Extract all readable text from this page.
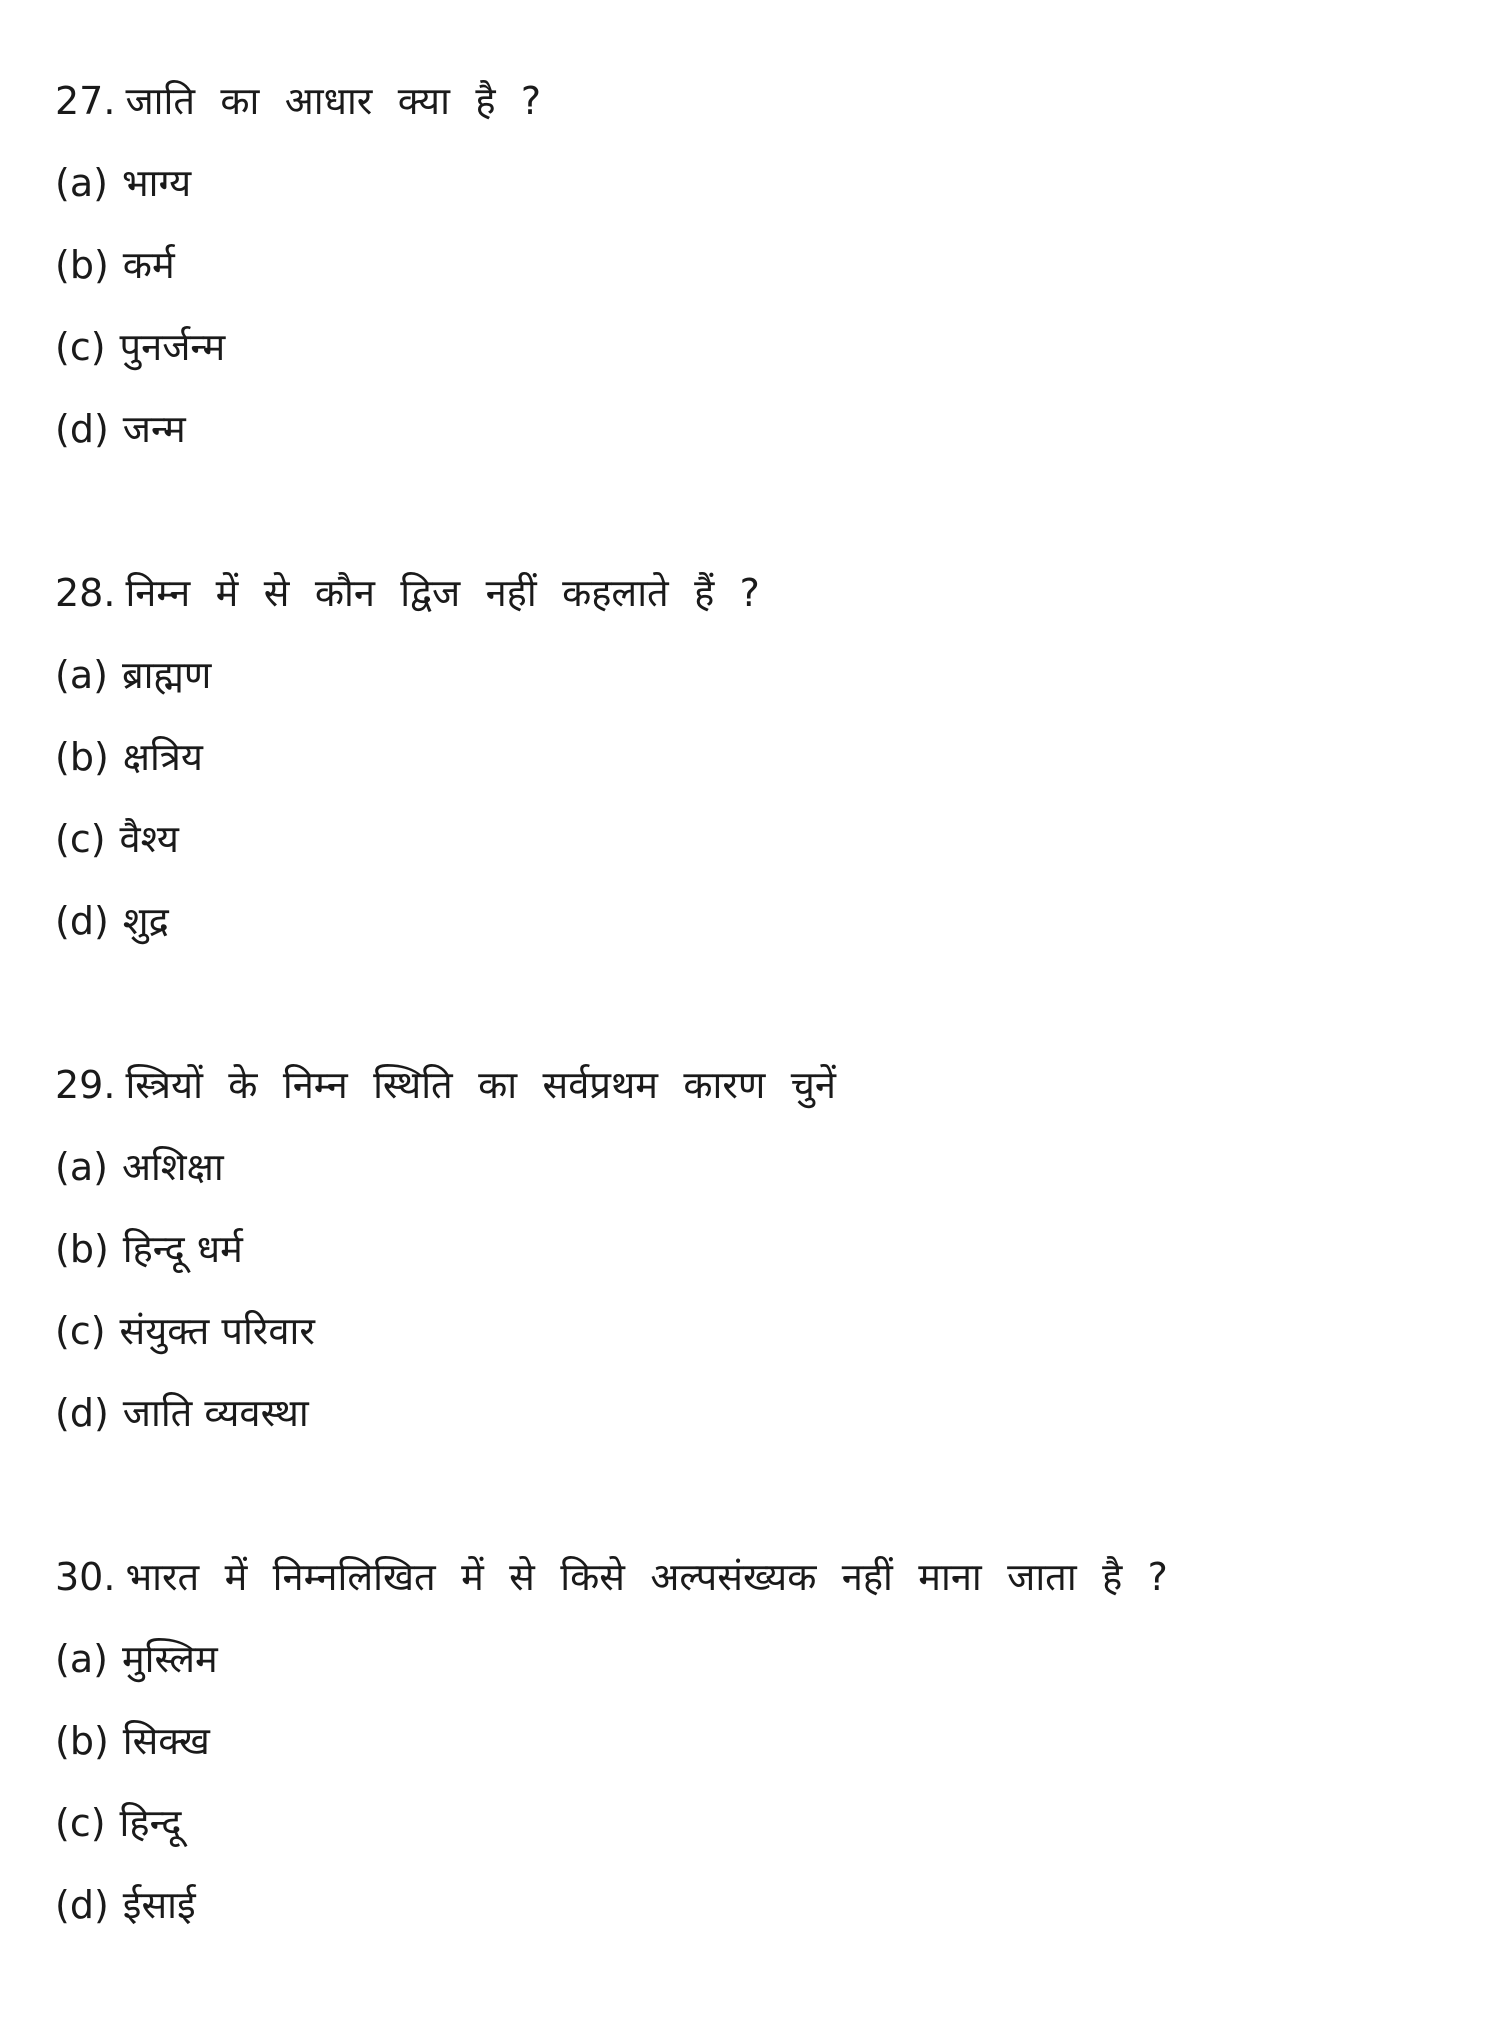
27. जाति का आधार क्या है ?
(a) भाग्य
(b) कर्म
(c) पुनर्जन्म
(d) जन्म
28. निम्न में से कौन द्विज नहीं कहलाते हैं ?
(a) ब्राह्मण
(b) क्षत्रिय
(c) वैश्य
(d) शुद्र
29. स्त्रियों के निम्न स्थिति का सर्वप्रथम कारण चुनें
(a) अशिक्षा
(b) हिन्दू धर्म
(c) संयुक्त परिवार
(d) जाति व्यवस्था
30. भारत में निम्नलिखित में से किसे अल्पसंख्यक नहीं माना जाता है ?
(a) मुस्लिम
(b) सिक्ख
(c) हिन्दू
(d) ईसाई
